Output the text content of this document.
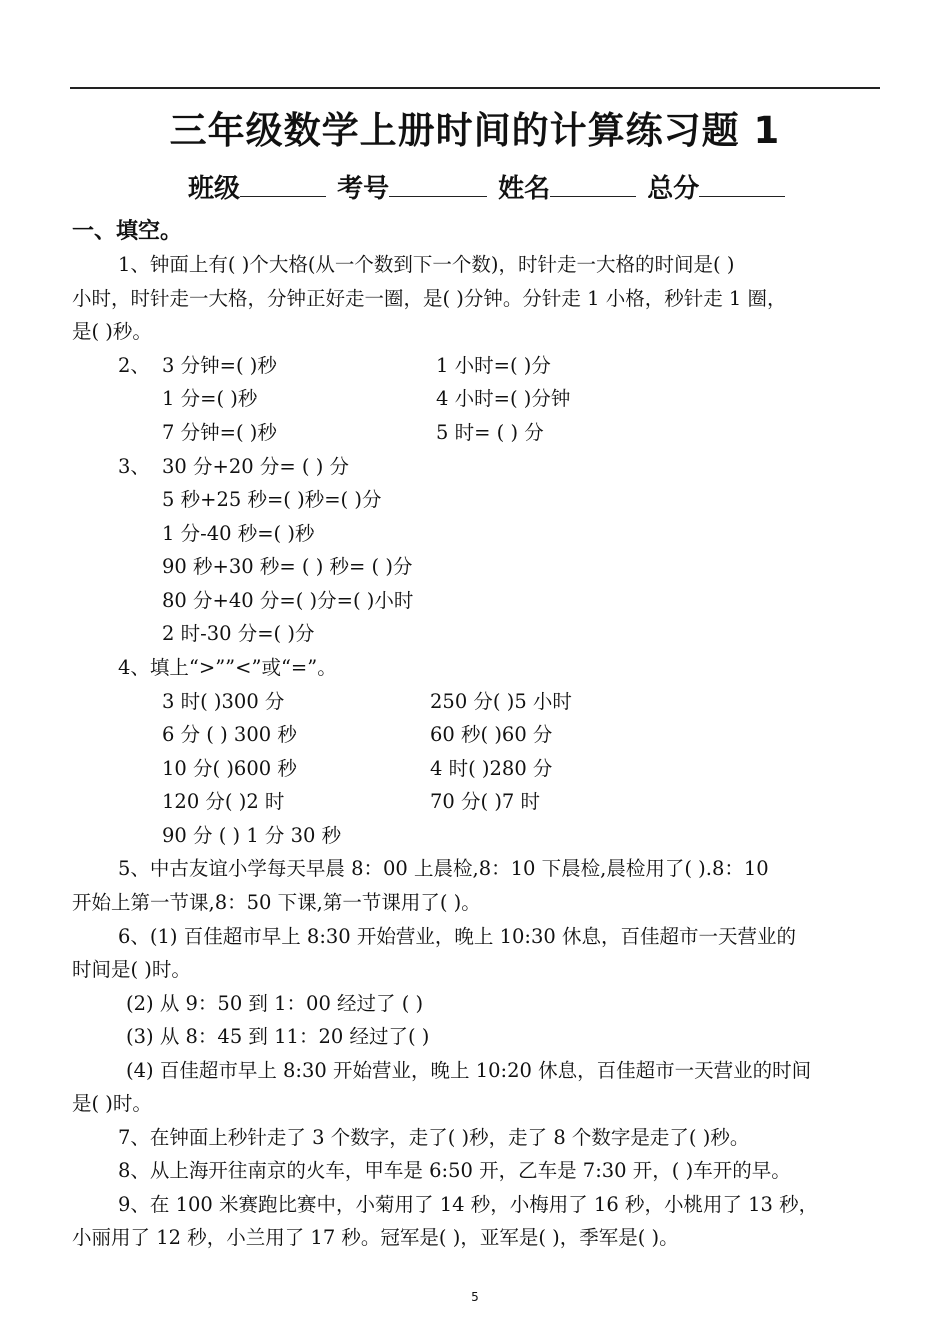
三年级数学上册时间的计算练习题 1
班级	考号	姓名	总分
一、填空。
1、钟面上有( )个大格(从一个数到下一个数)，时针走一大格的时间是( )
小时，时针走一大格，分钟正好走一圈，是( )分钟。分针走 1 小格，秒针走 1 圈，
是( )秒。
2、 3 分钟=( )秒	1 小时=( )分
1 分=( )秒	4 小时=( )分钟
7 分钟=( )秒	5 时= ( ) 分
3、 30 分+20 分= ( ) 分
5 秒+25 秒=( )秒=( )分
1 分-40 秒=( )秒
90 秒+30 秒= ( ) 秒= ( )分
80 分+40 分=( )分=( )小时
2 时-30 分=( )分
4、填上“>””<”或“=”。
3 时( )300 分	250 分( )5 小时
6 分 ( ) 300 秒	60 秒( )60 分
10 分( )600 秒	4 时( )280 分
120 分( )2 时	70 分( )7 时
90 分 ( ) 1 分 30 秒
5、中古友谊小学每天早晨 8：00 上晨检,8：10 下晨检,晨检用了( ).8：10
开始上第一节课,8：50 下课,第一节课用了( )。
6、(1) 百佳超市早上 8:30 开始营业，晚上 10:30 休息，百佳超市一天营业的
时间是( )时。
(2) 从 9：50 到 1：00 经过了 ( )
(3) 从 8：45 到 11：20 经过了( )
(4) 百佳超市早上 8:30 开始营业，晚上 10:20 休息，百佳超市一天营业的时间
是( )时。
7、在钟面上秒针走了 3 个数字，走了( )秒，走了 8 个数字是走了( )秒。
8、从上海开往南京的火车，甲车是 6:50 开，乙车是 7:30 开，( )车开的早。
9、在 100 米赛跑比赛中，小菊用了 14 秒，小梅用了 16 秒，小桃用了 13 秒，
小丽用了 12 秒，小兰用了 17 秒。冠军是( )，亚军是( )，季军是( )。
5
